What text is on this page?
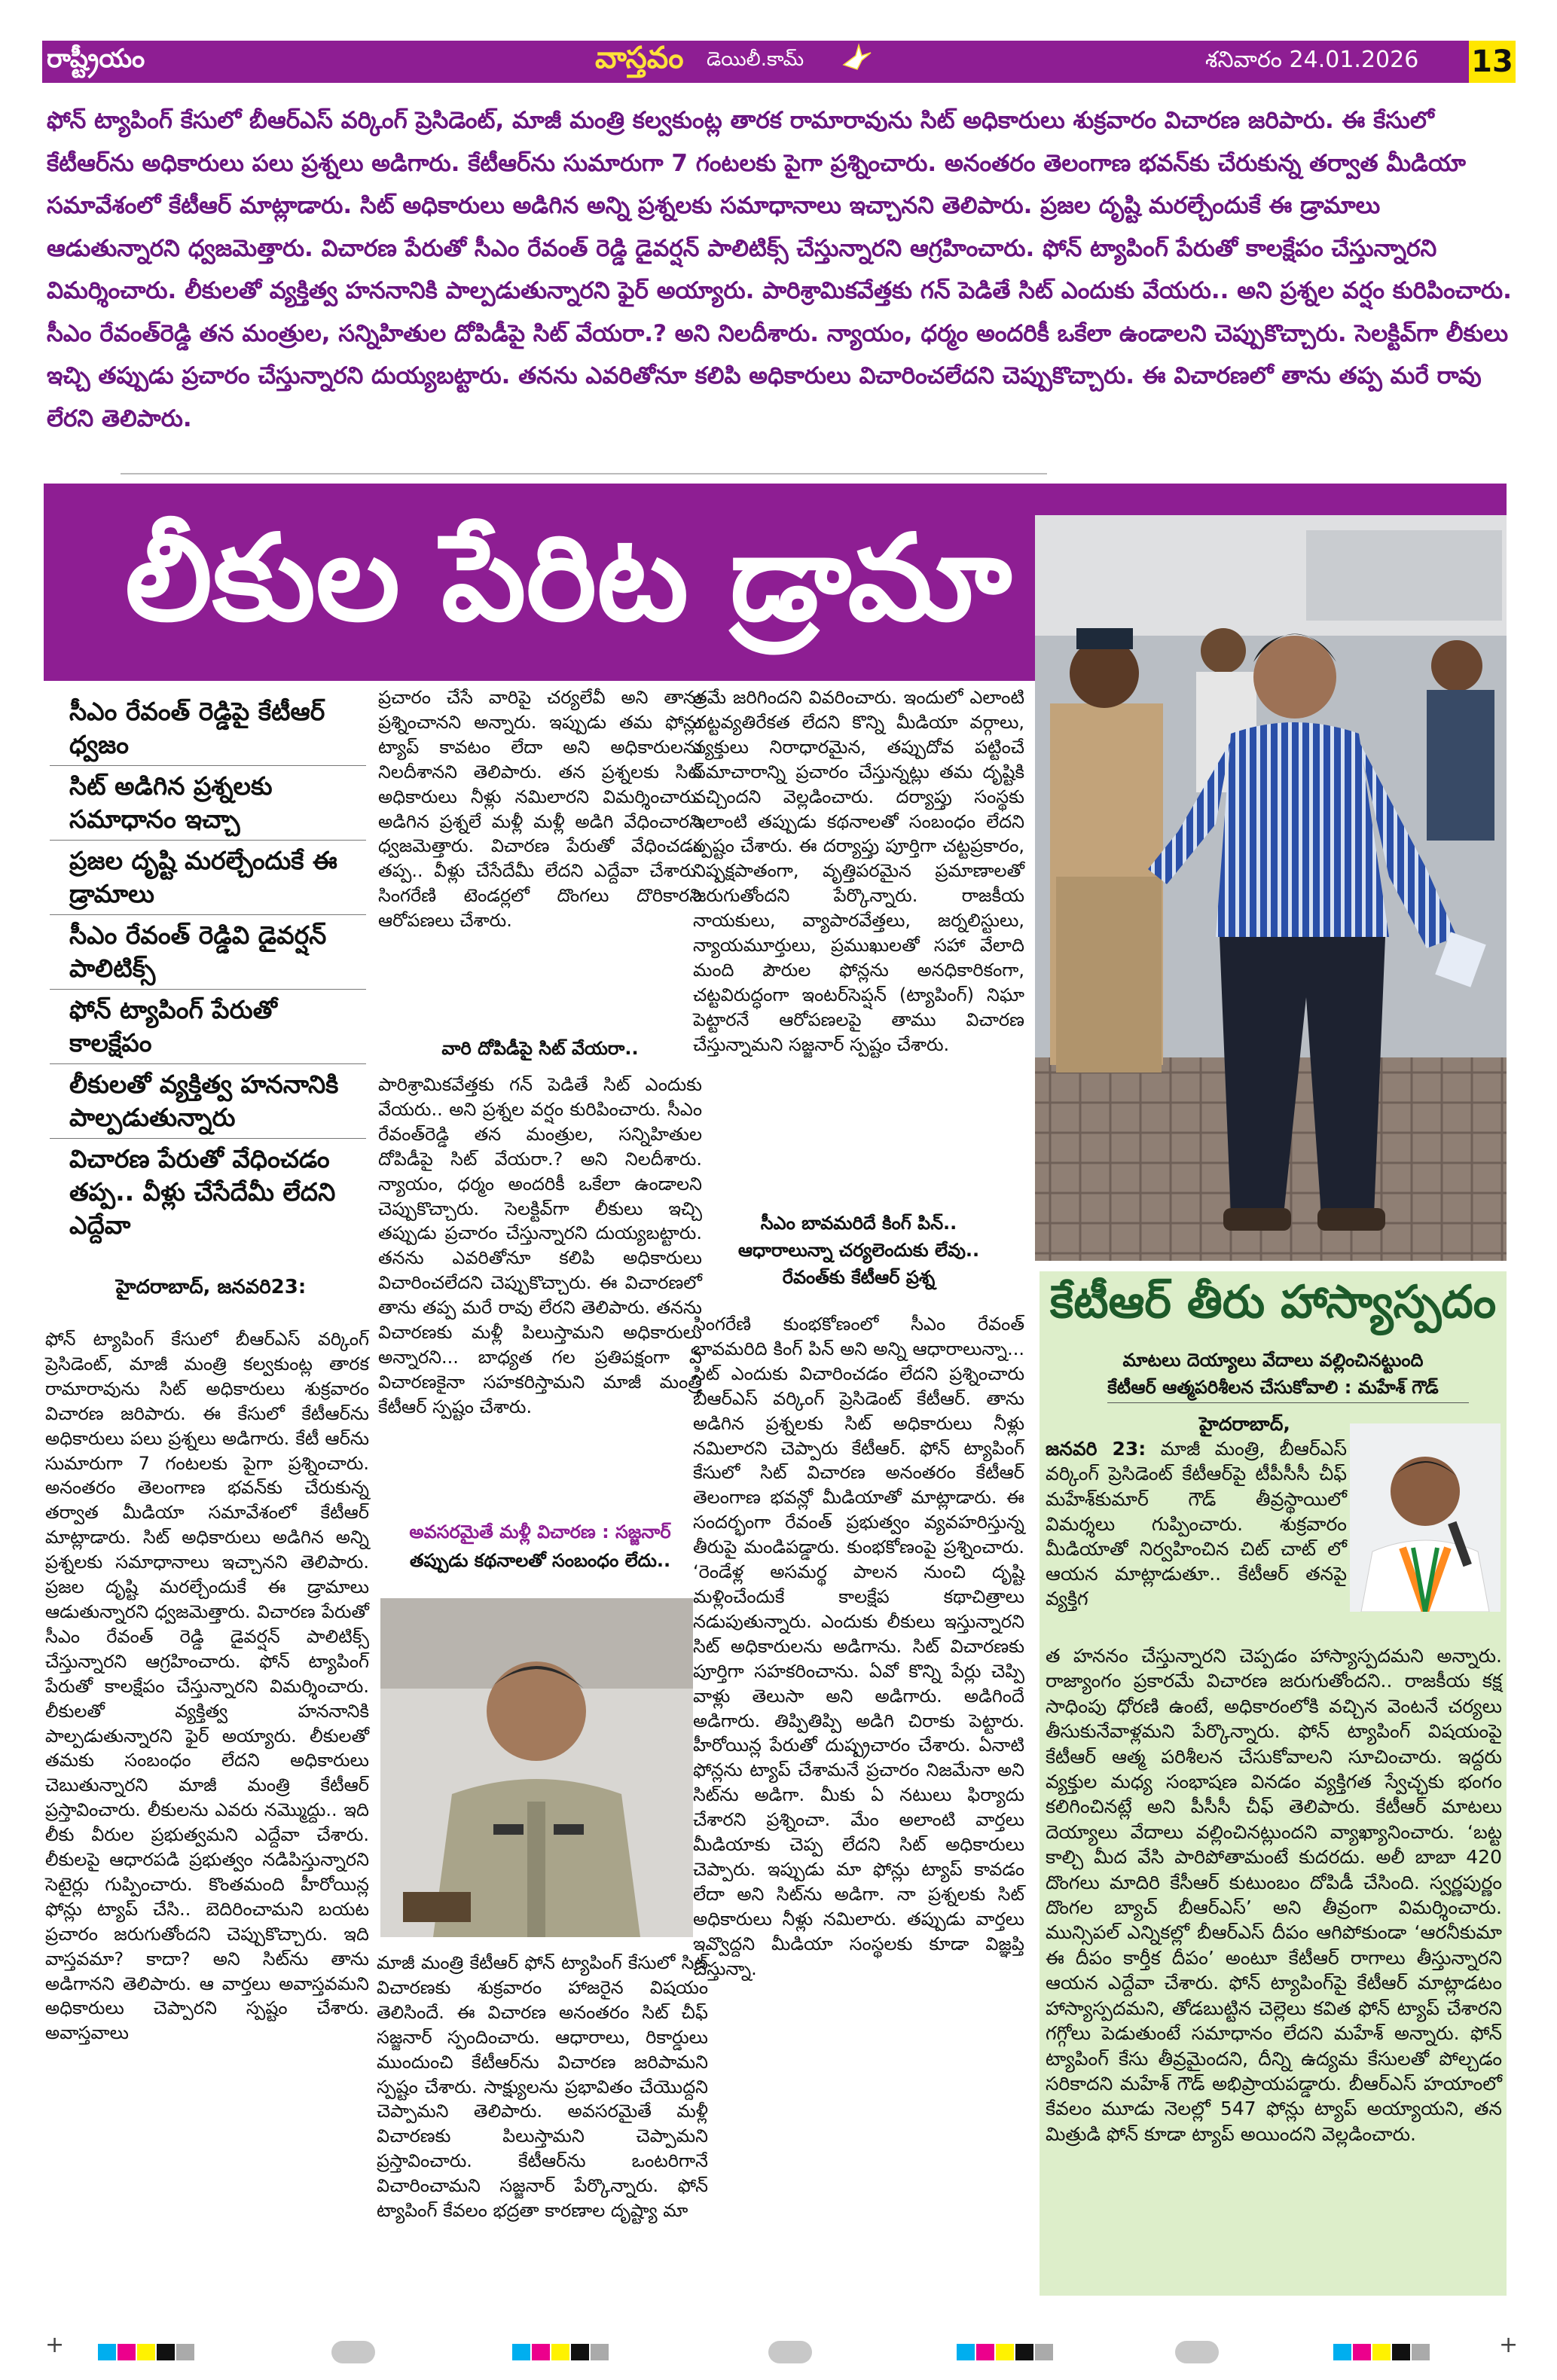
రాష్ట్రీయం	వాస్తవం డెయిలీ.కామ్	శనివారం 24.01.2026 13

ఫోన్ ట్యాపింగ్ కేసులో బీఆర్ఎస్ వర్కింగ్ ప్రెసిడెంట్, మాజీ మంత్రి కల్వకుంట్ల తారక రామారావును సిట్ అధికారులు శుక్రవారం విచారణ జరిపారు. ఈ కేసులో కేటీఆర్‌ను అధికారులు పలు ప్రశ్నలు అడిగారు. కేటీఆర్‌ను సుమారుగా 7 గంటలకు పైగా ప్రశ్నించారు. అనంతరం తెలంగాణ భవన్‌కు చేరుకున్న తర్వాత మీడియా సమావేశంలో కేటీఆర్ మాట్లాడారు. సిట్ అధికారులు అడిగిన అన్ని ప్రశ్నలకు సమాధానాలు ఇచ్చానని తెలిపారు. ప్రజల దృష్టి మరల్చేందుకే ఈ డ్రామాలు ఆడుతున్నారని ధ్వజమెత్తారు. విచారణ పేరుతో సీఎం రేవంత్ రెడ్డి డైవర్షన్ పాలిటిక్స్ చేస్తున్నారని ఆగ్రహించారు. ఫోన్ ట్యాపింగ్ పేరుతో కాలక్షేపం చేస్తున్నారని విమర్శించారు. లీకులతో వ్యక్తిత్వ హననానికి పాల్పడుతున్నారని ఫైర్ అయ్యారు. పారిశ్రామికవేత్తకు గన్ పెడితే సిట్ ఎందుకు వేయరు.. అని ప్రశ్నల వర్షం కురిపించారు. సీఎం రేవంత్‌రెడ్డి తన మంత్రుల, సన్నిహితుల దోపిడీపై సిట్ వేయరా.? అని నిలదీశారు. న్యాయం, ధర్మం అందరికీ ఒకేలా ఉండాలని చెప్పుకొచ్చారు. సెలక్టివ్‌గా లీకులు ఇచ్చి తప్పుడు ప్రచారం చేస్తున్నారని దుయ్యబట్టారు. తనను ఎవరితోనూ కలిపి అధికారులు విచారించలేదని చెప్పుకొచ్చారు. ఈ విచారణలో తాను తప్ప మరే రావు లేరని తెలిపారు.

లీకుల పేరిట డ్రామా
సీఎం రేవంత్ రెడ్డిపై కేటీఆర్ ధ్వజం
సిట్ అడిగిన ప్రశ్నలకు సమాధానం ఇచ్చా
ప్రజల దృష్టి మరల్చేందుకే ఈ డ్రామాలు
సీఎం రేవంత్ రెడ్డివి డైవర్షన్ పాలిటిక్స్
ఫోన్ ట్యాపింగ్ పేరుతో కాలక్షేపం
లీకులతో వ్యక్తిత్వ హననానికి పాల్పడుతున్నారు
విచారణ పేరుతో వేధించడం తప్ప.. వీళ్లు చేసేదేమీ లేదని ఎద్దేవా
హైదరాబాద్, జనవరి23:

ఫోన్ ట్యాపింగ్ కేసులో బీఆర్ఎస్ వర్కింగ్ ప్రెసిడెంట్, మాజీ మంత్రి కల్వకుంట్ల తారక రామారావును సిట్ అధికారులు శుక్రవారం విచారణ జరిపారు. ఈ కేసులో కేటీఆర్‌ను అధికారులు పలు ప్రశ్నలు అడిగారు. కేటీ ఆర్‌ను సుమారుగా 7 గంటలకు పైగా ప్రశ్నించారు. అనంతరం తెలంగాణ భవన్‌కు చేరుకున్న తర్వాత మీడియా సమావేశంలో కేటీఆర్ మాట్లాడారు. సిట్ అధికారులు అడిగిన అన్ని ప్రశ్నలకు సమాధానాలు ఇచ్చానని తెలిపారు. ప్రజల దృష్టి మరల్చేందుకే ఈ డ్రామాలు ఆడుతున్నారని ధ్వజమెత్తారు. విచారణ పేరుతో సీఎం రేవంత్ రెడ్డి డైవర్షన్ పాలిటిక్స్ చేస్తున్నారని ఆగ్రహించారు. ఫోన్ ట్యాపింగ్ పేరుతో కాలక్షేపం చేస్తున్నారని విమర్శించారు. లీకులతో వ్యక్తిత్వ హననానికి పాల్పడుతున్నారని ఫైర్ అయ్యారు. లీకులతో తమకు సంబంధం లేదని అధికారులు చెబుతున్నారని మాజీ మంత్రి కేటీఆర్ ప్రస్తావించారు. లీకులను ఎవరు నమ్మొద్దు.. ఇది లీకు వీరుల ప్రభుత్వమని ఎద్దేవా చేశారు. లీకులపై ఆధారపడి ప్రభుత్వం నడిపిస్తున్నారని సెటైర్లు గుప్పించారు. కొంతమంది హీరోయిన్ల ఫోన్లు ట్యాప్ చేసి.. బెదిరించామని బయట ప్రచారం జరుగుతోందని చెప్పుకొచ్చారు. ఇది వాస్తవమా? కాదా? అని సిట్‌ను తాను అడిగానని తెలిపారు. ఆ వార్తలు అవాస్తవమని అధికారులు చెప్పారని స్పష్టం చేశారు. అవాస్తవాలు

ప్రచారం చేసే వారిపై చర్యలేవీ అని తాను ప్రశ్నించానని అన్నారు. ఇప్పుడు తమ ఫోన్లు ట్యాప్ కావటం లేదా అని అధికారులను నిలదీశానని తెలిపారు. తన ప్రశ్నలకు సిట్ అధికారులు నీళ్లు నమిలారని విమర్శించారు. అడిగిన ప్రశ్నలే మళ్లీ మళ్లీ అడిగి వేధించారని ధ్వజమెత్తారు. విచారణ పేరుతో వేధించడం తప్ప.. వీళ్లు చేసేదేమీ లేదని ఎద్దేవా చేశారు. సింగరేణి టెండర్లలో దొంగలు దొరికారని ఆరోపణలు చేశారు.

వారి దోపిడీపై సిట్ వేయరా..

పారిశ్రామికవేత్తకు గన్ పెడితే సిట్ ఎందుకు వేయరు.. అని ప్రశ్నల వర్షం కురిపించారు. సీఎం రేవంత్‌రెడ్డి తన మంత్రుల, సన్నిహితుల దోపిడీపై సిట్ వేయరా.? అని నిలదీశారు. న్యాయం, ధర్మం అందరికీ ఒకేలా ఉండాలని చెప్పుకొచ్చారు. సెలక్టివ్‌గా లీకులు ఇచ్చి తప్పుడు ప్రచారం చేస్తున్నారని దుయ్యబట్టారు. తనను ఎవరితోనూ కలిపి అధికారులు విచారించలేదని చెప్పుకొచ్చారు. ఈ విచారణలో తాను తప్ప మరే రావు లేరని తెలిపారు. తనను విచారణకు మళ్లీ పిలుస్తామని అధికారులు అన్నారని... బాధ్యత గల ప్రతిపక్షంగా ఏ విచారణకైనా సహకరిస్తామని మాజీ మంత్రి కేటీఆర్ స్పష్టం చేశారు.

అవసరమైతే మళ్లీ విచారణ : సజ్జనార్
తప్పుడు కథనాలతో సంబంధం లేదు..

మాజీ మంత్రి కేటీఆర్ ఫోన్ ట్యాపింగ్ కేసులో సిట్ విచారణకు శుక్రవారం హాజరైన విషయం తెలిసిందే. ఈ విచారణ అనంతరం సిట్ చీఫ్ సజ్జనార్ స్పందించారు. ఆధారాలు, రికార్డులు ముందుంచి కేటీఆర్‌ను విచారణ జరిపామని స్పష్టం చేశారు. సాక్ష్యులను ప్రభావితం చేయొద్దని చెప్పామని తెలిపారు. అవసరమైతే మళ్లీ విచారణకు పిలుస్తామని చెప్పామని ప్రస్తావించారు. కేటీఆర్‌ను ఒంటరిగానే విచారించామని సజ్జనార్ పేర్కొన్నారు. ఫోన్ ట్యాపింగ్ కేవలం భద్రతా కారణాల దృష్ట్యా మా

త్రమే జరిగిందని వివరించారు. ఇందులో ఎలాంటి చట్టవ్యతిరేకత లేదని కొన్ని మీడియా వర్గాలు, వ్యక్తులు నిరాధారమైన, తప్పుదోవ పట్టించే సమాచారాన్ని ప్రచారం చేస్తున్నట్లు తమ దృష్టికి వచ్చిందని వెల్లడించారు. దర్యాప్తు సంస్థకు ఇలాంటి తప్పుడు కథనాలతో సంబంధం లేదని స్పష్టం చేశారు. ఈ దర్యాప్తు పూర్తిగా చట్టప్రకారం, నిష్పక్షపాతంగా, వృత్తిపరమైన ప్రమాణాలతో జరుగుతోందని పేర్కొన్నారు. రాజకీయ నాయకులు, వ్యాపారవేత్తలు, జర్నలిస్టులు, న్యాయమూర్తులు, ప్రముఖులతో సహా వేలాది మంది పౌరుల ఫోన్లను అనధికారికంగా, చట్టవిరుద్ధంగా ఇంటర్‌సెప్షన్ (ట్యాపింగ్) నిఘా పెట్టారనే ఆరోపణలపై తాము విచారణ చేస్తున్నామని సజ్జనార్ స్పష్టం చేశారు.

సీఎం బావమరిదే కింగ్ పిన్..
ఆధారాలున్నా చర్యలెందుకు లేవు..
రేవంత్‌కు కేటీఆర్ ప్రశ్న

సింగరేణి కుంభకోణంలో సీఎం రేవంత్ బావమరిది కింగ్ పిన్ అని అన్ని ఆధారాలున్నా... సిట్ ఎందుకు విచారించడం లేదని ప్రశ్నించారు బీఆర్ఎస్ వర్కింగ్ ప్రెసిడెంట్ కేటీఆర్. తాను అడిగిన ప్రశ్నలకు సిట్ అధికారులు నీళ్లు నమిలారని చెప్పారు కేటీఆర్. ఫోన్ ట్యాపింగ్ కేసులో సిట్ విచారణ అనంతరం కేటీఆర్ తెలంగాణ భవన్లో మీడియాతో మాట్లాడారు. ఈ సందర్భంగా రేవంత్ ప్రభుత్వం వ్యవహరిస్తున్న తీరుపై మండిపడ్డారు. కుంభకోణంపై ప్రశ్నించారు. ‘రెండేళ్ల అసమర్థ పాలన నుంచి దృష్టి మళ్లించేందుకే కాలక్షేప కథాచిత్రాలు నడుపుతున్నారు. ఎందుకు లీకులు ఇస్తున్నారని సిట్ అధికారులను అడిగాను. సిట్ విచారణకు పూర్తిగా సహకరించాను. ఏవో కొన్ని పేర్లు చెప్పి వాళ్లు తెలుసా అని అడిగారు. అడిగిందే అడిగారు. తిప్పితిప్పి అడిగి చిరాకు పెట్టారు. హీరోయిన్ల పేరుతో దుష్ప్రచారం చేశారు. ఏనాటి ఫోన్లను ట్యాప్ చేశామనే ప్రచారం నిజమేనా అని సిట్‌ను అడిగా. మీకు ఏ నటులు ఫిర్యాదు చేశారని ప్రశ్నించా. మేం అలాంటి వార్తలు మీడియాకు చెప్ప లేదని సిట్ అధికారులు చెప్పారు. ఇప్పుడు మా ఫోన్లు ట్యాప్ కావడం లేదా అని సిట్‌ను అడిగా. నా ప్రశ్నలకు సిట్ అధికారులు నీళ్లు నమిలారు. తప్పుడు వార్తలు ఇవ్వొద్దని మీడియా సంస్థలకు కూడా విజ్ఞప్తి చేస్తున్నా.

కేటీఆర్ తీరు హాస్యాస్పదం
మాటలు దెయ్యాలు వేదాలు వల్లించినట్టుంది
కేటీఆర్ ఆత్మపరిశీలన చేసుకోవాలి : మహేశ్ గౌడ్

హైదరాబాద్, జనవరి 23: మాజీ మంత్రి, బీఆర్ఎస్ వర్కింగ్ ప్రెసిడెంట్ కేటీఆర్‌పై టీపీసీసీ చీఫ్ మహేశ్‌కుమార్ గౌడ్ తీవ్రస్థాయిలో విమర్శలు గుప్పించారు. శుక్రవారం మీడియాతో నిర్వహించిన చిట్ చాట్ లో ఆయన మాట్లాడుతూ.. కేటీఆర్ తనపై వ్యక్తిగ

త హననం చేస్తున్నారని చెప్పడం హాస్యాస్పదమని అన్నారు. రాజ్యాంగం ప్రకారమే విచారణ జరుగుతోందని.. రాజకీయ కక్ష సాధింపు ధోరణి ఉంటే, అధికారంలోకి వచ్చిన వెంటనే చర్యలు తీసుకునేవాళ్లమని పేర్కొన్నారు. ఫోన్ ట్యాపింగ్ విషయంపై కేటీఆర్ ఆత్మ పరిశీలన చేసుకోవాలని సూచించారు. ఇద్దరు వ్యక్తుల మధ్య సంభాషణ వినడం వ్యక్తిగత స్వేచ్ఛకు భంగం కలిగించినట్లే అని పీసీసీ చీఫ్ తెలిపారు. కేటీఆర్ మాటలు దెయ్యాలు వేదాలు వల్లించినట్లుందని వ్యాఖ్యానించారు. ‘బట్ట కాల్చి మీద వేసి పారిపోతామంటే కుదరదు. అలీ బాబా 420 దొంగలు మాదిరి కేసీఆర్ కుటుంబం దోపిడీ చేసింది. స్వర్ణపుర్ణం దొంగల బ్యాచ్ బీఆర్ఎస్’ అని తీవ్రంగా విమర్శించారు. మున్సిపల్ ఎన్నికల్లో బీఆర్ఎస్ దీపం ఆగిపోకుండా ‘ఆరనీకుమా ఈ దీపం కార్తీక దీపం’ అంటూ కేటీఆర్ రాగాలు తీస్తున్నారని ఆయన ఎద్దేవా చేశారు. ఫోన్ ట్యాపింగ్‌పై కేటీఆర్ మాట్లాడటం హాస్యాస్పదమని, తోడబుట్టిన చెల్లెలు కవిత ఫోన్ ట్యాప్ చేశారని గగ్గోలు పెడుతుంటే సమాధానం లేదని మహేశ్ అన్నారు. ఫోన్ ట్యాపింగ్ కేసు తీవ్రమైందని, దీన్ని ఉద్యమ కేసులతో పోల్చడం సరికాదని మహేశ్ గౌడ్ అభిప్రాయపడ్డారు. బీఆర్ఎస్ హయాంలో కేవలం మూడు నెలల్లో 547 ఫోన్లు ట్యాప్ అయ్యాయని, తన మిత్రుడి ఫోన్ కూడా ట్యాప్ అయిందని వెల్లడించారు.

+	+
